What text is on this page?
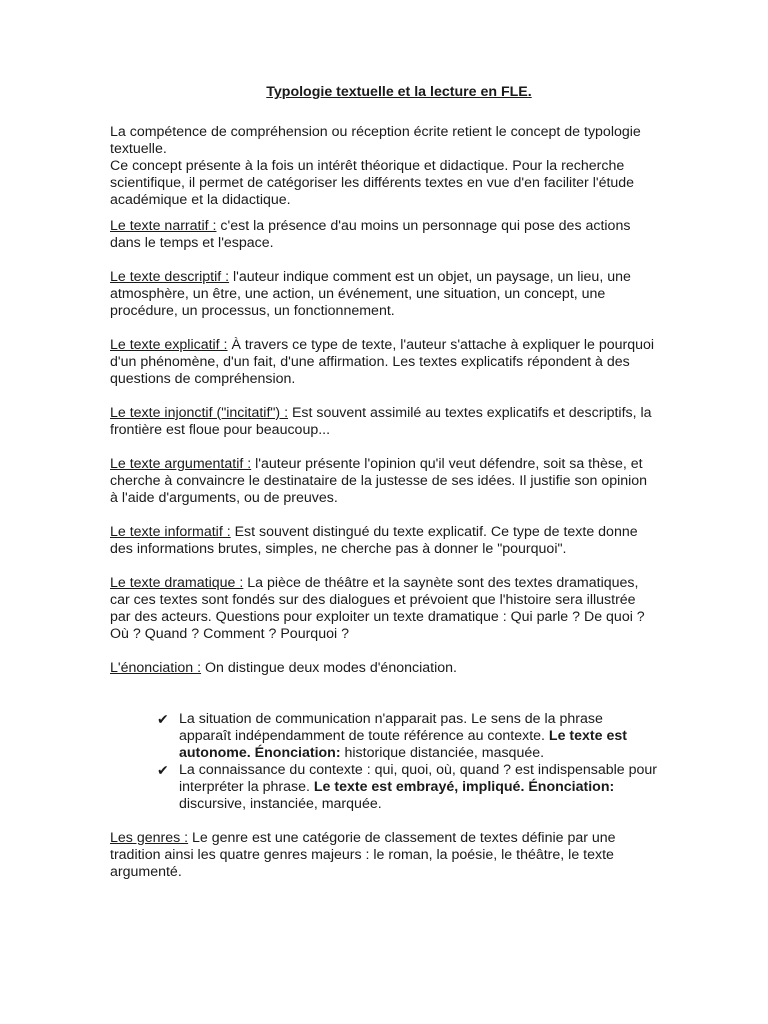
Typologie textuelle et la lecture en FLE.

La compétence de compréhension ou réception écrite retient le concept de typologie textuelle.

Ce concept présente à la fois un intérêt théorique et didactique. Pour la recherche scientifique, il permet de catégoriser les différents textes en vue d'en faciliter l'étude académique et la didactique.

Le texte narratif : c'est la présence d'au moins un personnage qui pose des actions dans le temps et l'espace.

Le texte descriptif : l'auteur indique comment est un objet, un paysage, un lieu, une atmosphère, un être, une action, un événement, une situation, un concept, une procédure, un processus, un fonctionnement.

Le texte explicatif : À travers ce type de texte, l'auteur s'attache à expliquer le pourquoi d'un phénomène, d'un fait, d'une affirmation. Les textes explicatifs répondent à des questions de compréhension.

Le texte injonctif ("incitatif") : Est souvent assimilé au textes explicatifs et descriptifs, la frontière est floue pour beaucoup...

Le texte argumentatif : l'auteur présente l'opinion qu'il veut défendre, soit sa thèse, et cherche à convaincre le destinataire de la justesse de ses idées. Il justifie son opinion à l'aide d'arguments, ou de preuves.

Le texte informatif : Est souvent distingué du texte explicatif. Ce type de texte donne des informations brutes, simples, ne cherche pas à donner le "pourquoi".

Le texte dramatique : La pièce de théâtre et la saynète sont des textes dramatiques, car ces textes sont fondés sur des dialogues et prévoient que l'histoire sera illustrée par des acteurs. Questions pour exploiter un texte dramatique : Qui parle ? De quoi ? Où ? Quand ? Comment ? Pourquoi ?

L'énonciation : On distingue deux modes d'énonciation.

✔ La situation de communication n'apparait pas. Le sens de la phrase apparaît indépendamment de toute référence au contexte. Le texte est autonome. Énonciation: historique distanciée, masquée.
✔ La connaissance du contexte : qui, quoi, où, quand ? est indispensable pour interpréter la phrase. Le texte est embrayé, impliqué. Énonciation: discursive, instanciée, marquée.

Les genres : Le genre est une catégorie de classement de textes définie par une tradition ainsi les quatre genres majeurs : le roman, la poésie, le théâtre, le texte argumenté.
